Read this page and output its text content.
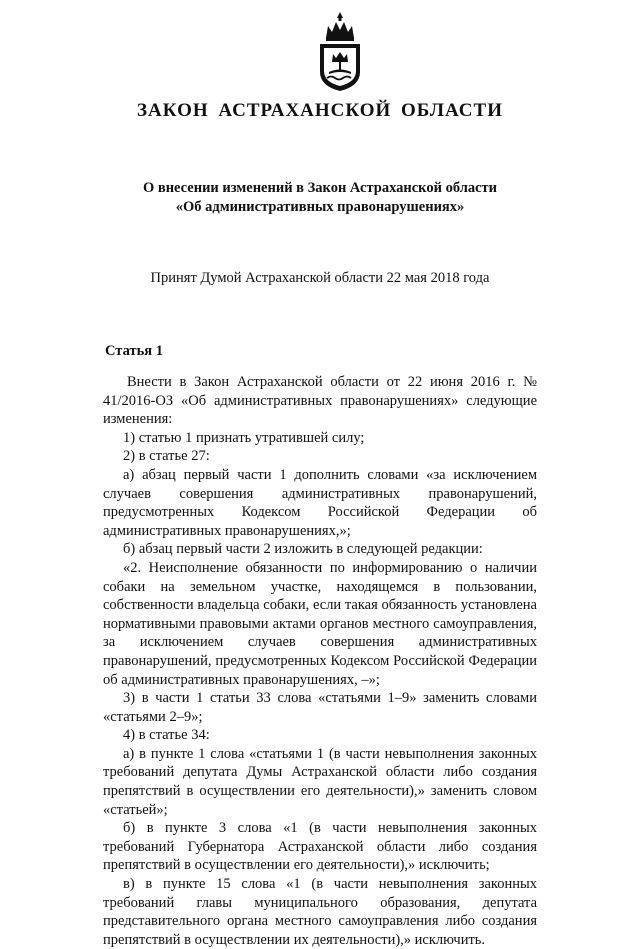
ЗАКОН АСТРАХАНСКОЙ ОБЛАСТИ
О внесении изменений в Закон Астраханской области
«Об административных правонарушениях»
Принят Думой Астраханской области 22 мая 2018 года
Статья 1

Внести в Закон Астраханской области от 22 июня 2016 г. № 41/2016-ОЗ «Об административных правонарушениях» следующие изменения:

1) статью 1 признать утратившей силу;

2) в статье 27:

а) абзац первый части 1 дополнить словами «за исключением случаев совершения административных правонарушений, предусмотренных Кодексом Российской Федерации об административных правонарушениях,»;

б) абзац первый части 2 изложить в следующей редакции:

«2. Неисполнение обязанности по информированию о наличии собаки на земельном участке, находящемся в пользовании, собственности владельца собаки, если такая обязанность установлена нормативными правовыми актами органов местного самоуправления, за исключением случаев совершения административных правонарушений, предусмотренных Кодексом Российской Федерации об административных правонарушениях, –»;

3) в части 1 статьи 33 слова «статьями 1–9» заменить словами «статьями 2–9»;

4) в статье 34:

а) в пункте 1 слова «статьями 1 (в части невыполнения законных требований депутата Думы Астраханской области либо создания препятствий в осуществлении его деятельности),» заменить словом «статьей»;

б) в пункте 3 слова «1 (в части невыполнения законных требований Губернатора Астраханской области либо создания препятствий в осуществлении его деятельности),» исключить;

в) в пункте 15 слова «1 (в части невыполнения законных требований главы муниципального образования, депутата представительного органа местного самоуправления либо создания препятствий в осуществлении их деятельности),» исключить.
